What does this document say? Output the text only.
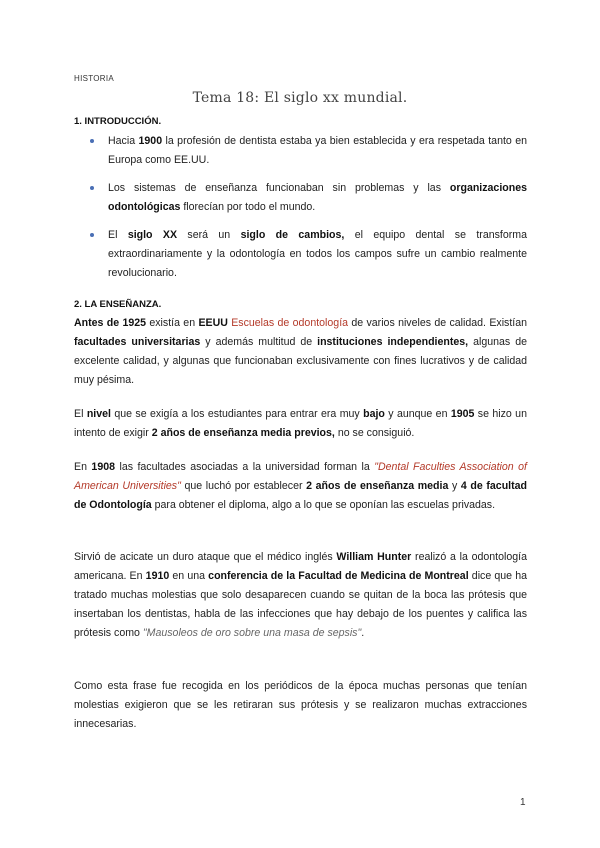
HISTORIA
Tema 18: El siglo xx mundial.
1. INTRODUCCIÓN.
Hacia 1900 la profesión de dentista estaba ya bien establecida y era respetada tanto en Europa como EE.UU.
Los sistemas de enseñanza funcionaban sin problemas y las organizaciones odontológicas florecían por todo el mundo.
El siglo XX será un siglo de cambios, el equipo dental se transforma extraordinariamente y la odontología en todos los campos sufre un cambio realmente revolucionario.
2. LA ENSEÑANZA.

Antes de 1925 existía en EEUU Escuelas de odontología de varios niveles de calidad. Existían facultades universitarias y además multitud de instituciones independientes, algunas de excelente calidad, y algunas que funcionaban exclusivamente con fines lucrativos y de calidad muy pésima.

El nivel que se exigía a los estudiantes para entrar era muy bajo y aunque en 1905 se hizo un intento de exigir 2 años de enseñanza media previos, no se consiguió.

En 1908 las facultades asociadas a la universidad forman la "Dental Faculties Association of American Universities" que luchó por establecer 2 años de enseñanza media y 4 de facultad de Odontología para obtener el diploma, algo a lo que se oponían las escuelas privadas.

Sirvió de acicate un duro ataque que el médico inglés William Hunter realizó a la odontología americana. En 1910 en una conferencia de la Facultad de Medicina de Montreal dice que ha tratado muchas molestias que solo desaparecen cuando se quitan de la boca las prótesis que insertaban los dentistas, habla de las infecciones que hay debajo de los puentes y califica las prótesis como "Mausoleos de oro sobre una masa de sepsis".

Como esta frase fue recogida en los periódicos de la época muchas personas que tenían molestias exigieron que se les retiraran sus prótesis y se realizaron muchas extracciones innecesarias.

1
